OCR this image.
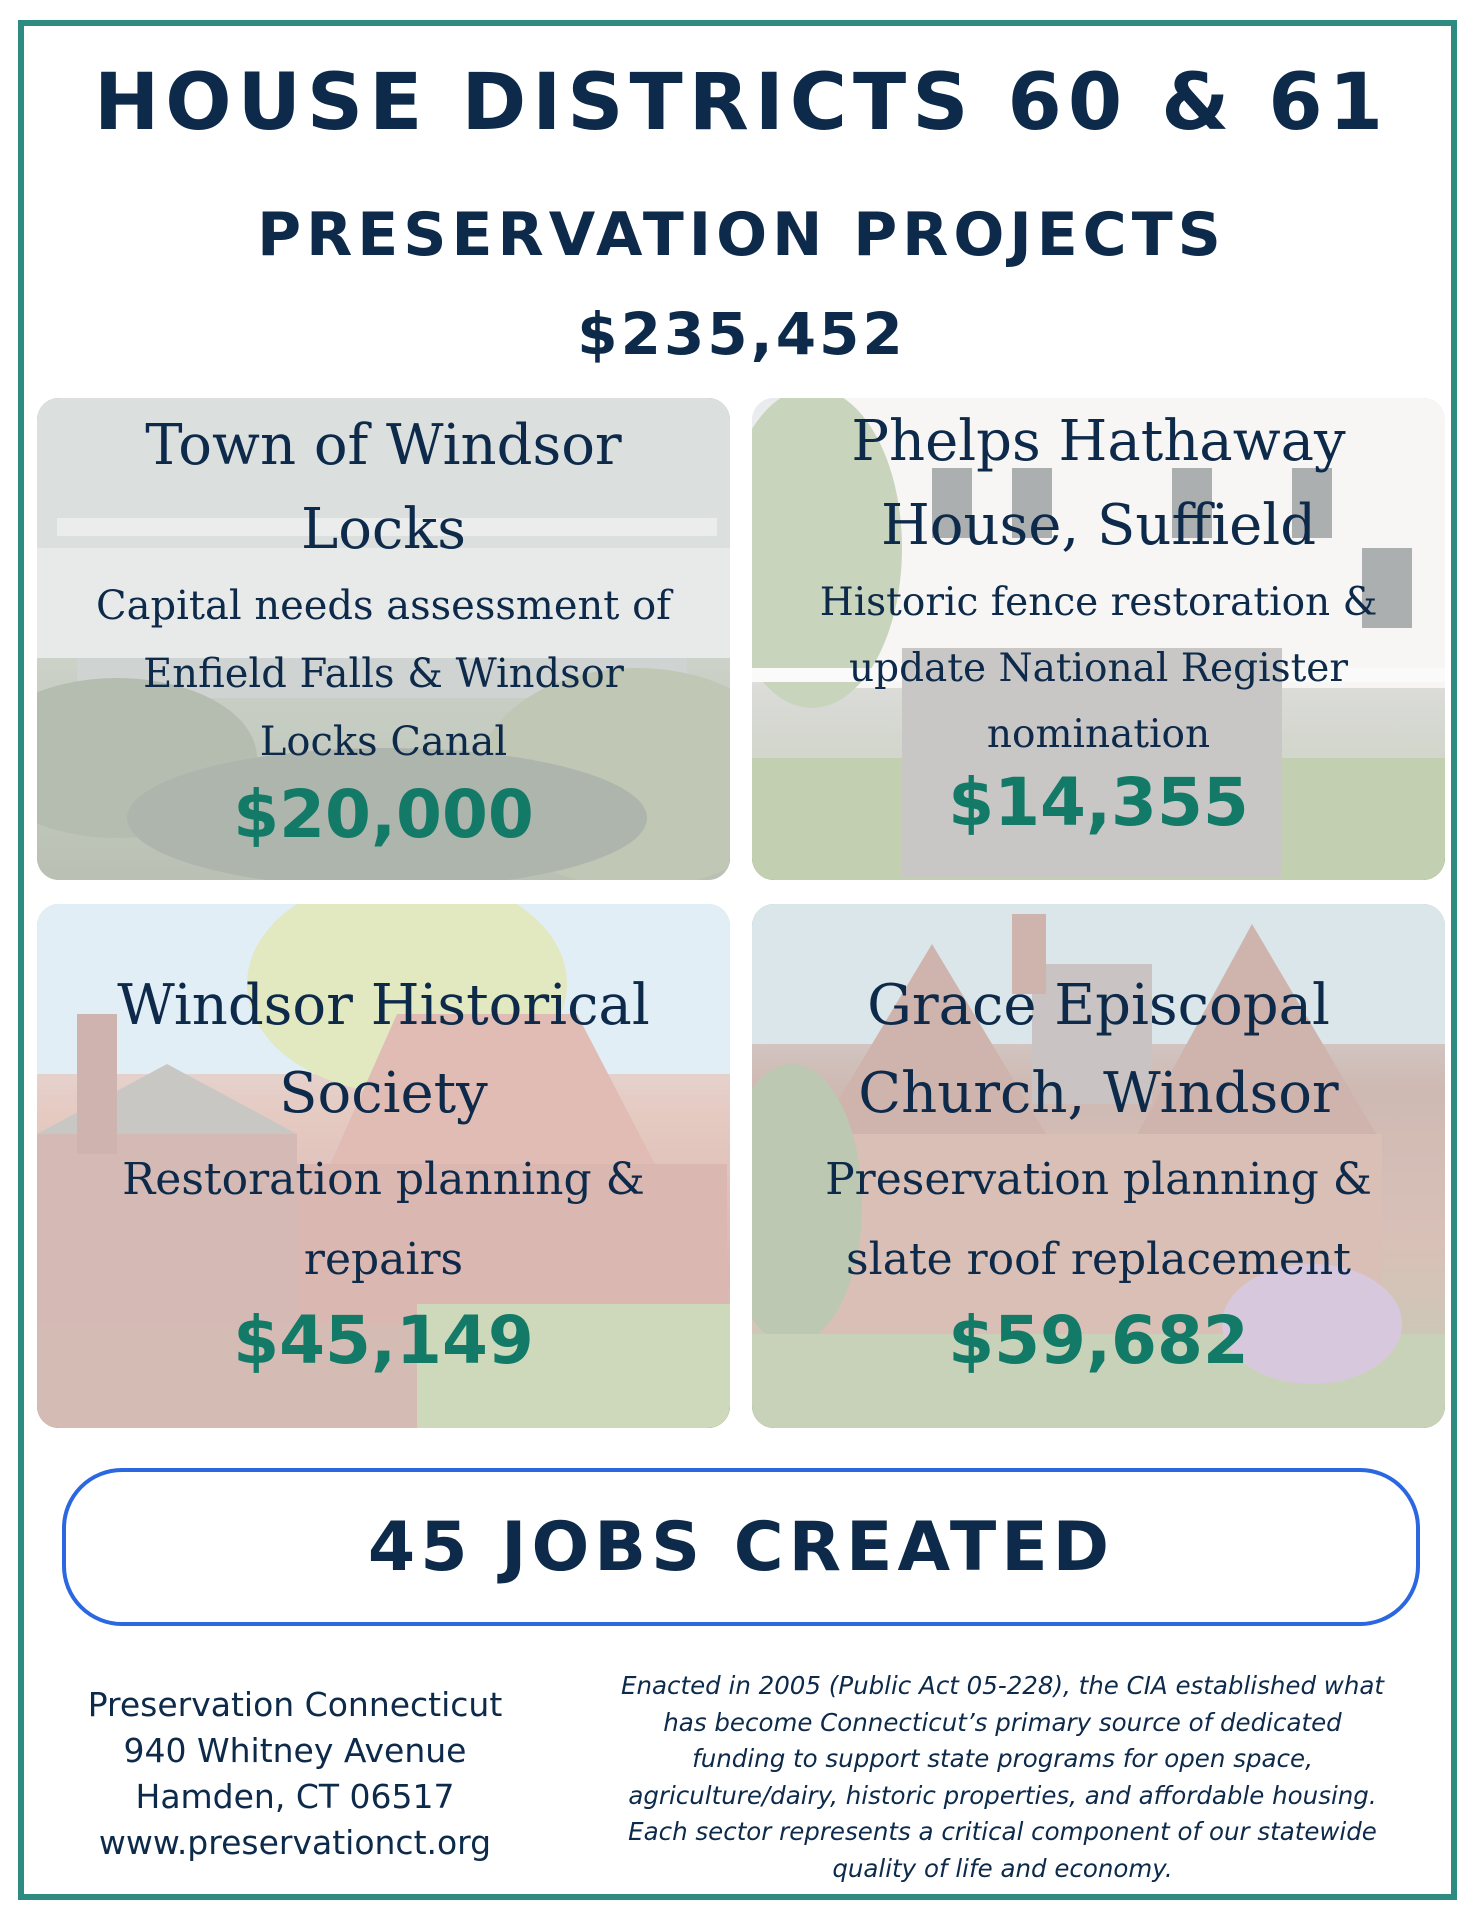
HOUSE DISTRICTS 60 & 61
PRESERVATION PROJECTS
$235,452
Town of Windsor
Locks
Capital needs assessment of
Enfield Falls & Windsor
Locks Canal
$20,000
Phelps Hathaway
House, Suffield
Historic fence restoration &
update National Register
nomination
$14,355
Windsor Historical
Society
Restoration planning &
repairs
$45,149
Grace Episcopal
Church, Windsor
Preservation planning &
slate roof replacement
$59,682
45 JOBS CREATED
Preservation Connecticut
940 Whitney Avenue
Hamden, CT 06517
www.preservationct.org
Enacted in 2005 (Public Act 05-228), the CIA established what
has become Connecticut’s primary source of dedicated
funding to support state programs for open space,
agriculture/dairy, historic properties, and affordable housing.
Each sector represents a critical component of our statewide
quality of life and economy.
